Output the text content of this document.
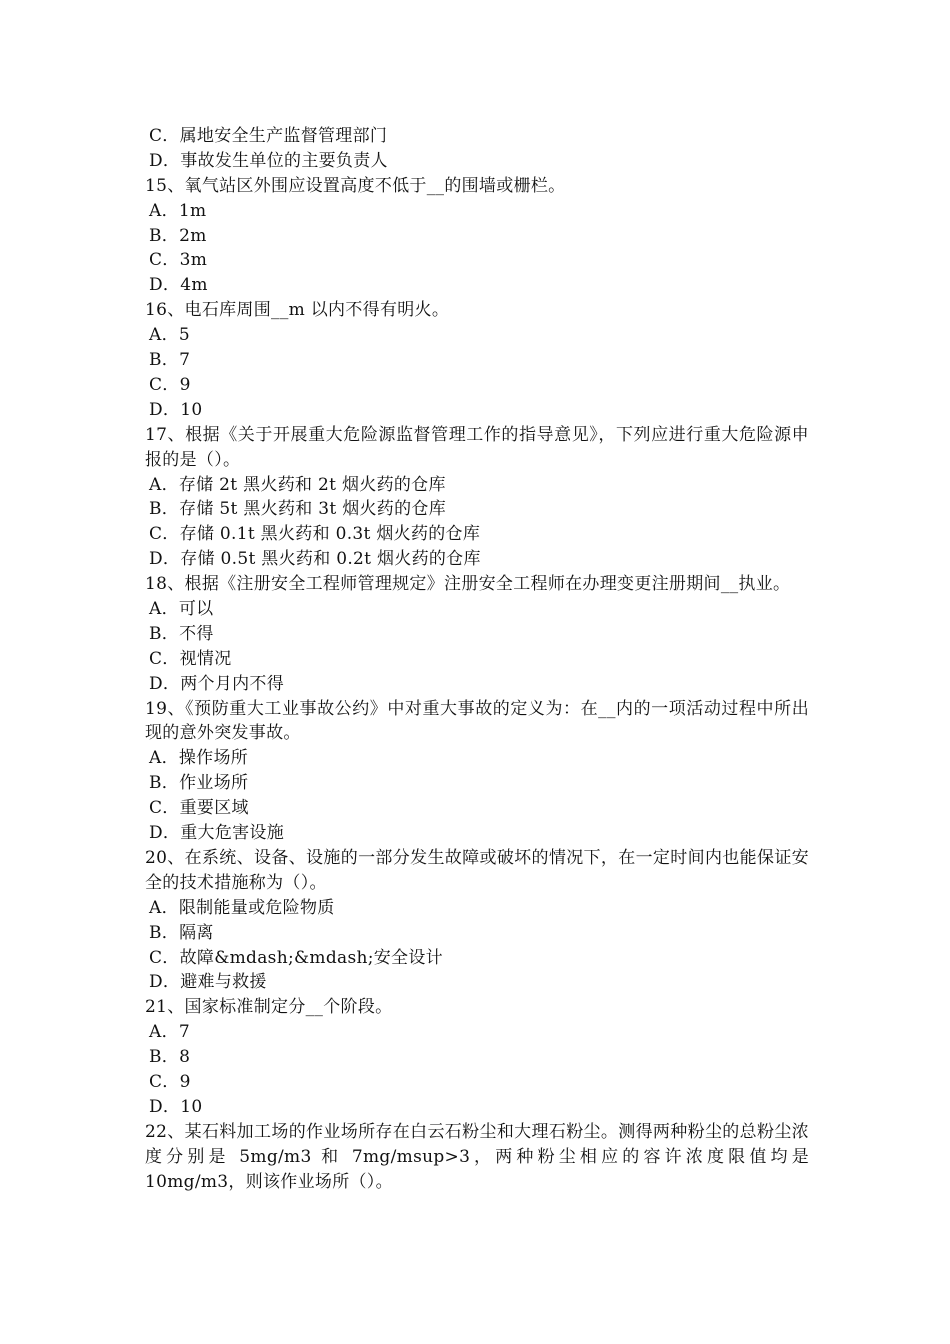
C．属地安全生产监督管理部门
D．事故发生单位的主要负责人
15、氧气站区外围应设置高度不低于__的围墙或栅栏。
A．1m
B．2m
C．3m
D．4m
16、电石库周围__m 以内不得有明火。
A．5
B．7
C．9
D．10
17、根据《关于开展重大危险源监督管理工作的指导意见》，下列应进行重大危险源申报的是（）。
A．存储 2t 黑火药和 2t 烟火药的仓库
B．存储 5t 黑火药和 3t 烟火药的仓库
C．存储 0.1t 黑火药和 0.3t 烟火药的仓库
D．存储 0.5t 黑火药和 0.2t 烟火药的仓库
18、根据《注册安全工程师管理规定》注册安全工程师在办理变更注册期间__执业。
A．可以
B．不得
C．视情况
D．两个月内不得
19、《预防重大工业事故公约》中对重大事故的定义为：在__内的一项活动过程中所出现的意外突发事故。
A．操作场所
B．作业场所
C．重要区域
D．重大危害设施
20、在系统、设备、设施的一部分发生故障或破坏的情况下，在一定时间内也能保证安全的技术措施称为（）。
A．限制能量或危险物质
B．隔离
C．故障&mdash;&mdash;安全设计
D．避难与救援
21、国家标准制定分__个阶段。
A．7
B．8
C．9
D．10
22、某石料加工场的作业场所存在白云石粉尘和大理石粉尘。测得两种粉尘的总粉尘浓度分别是 5mg/m3 和 7mg/msup>3，两种粉尘相应的容许浓度限值均是10mg/m3，则该作业场所（）。
